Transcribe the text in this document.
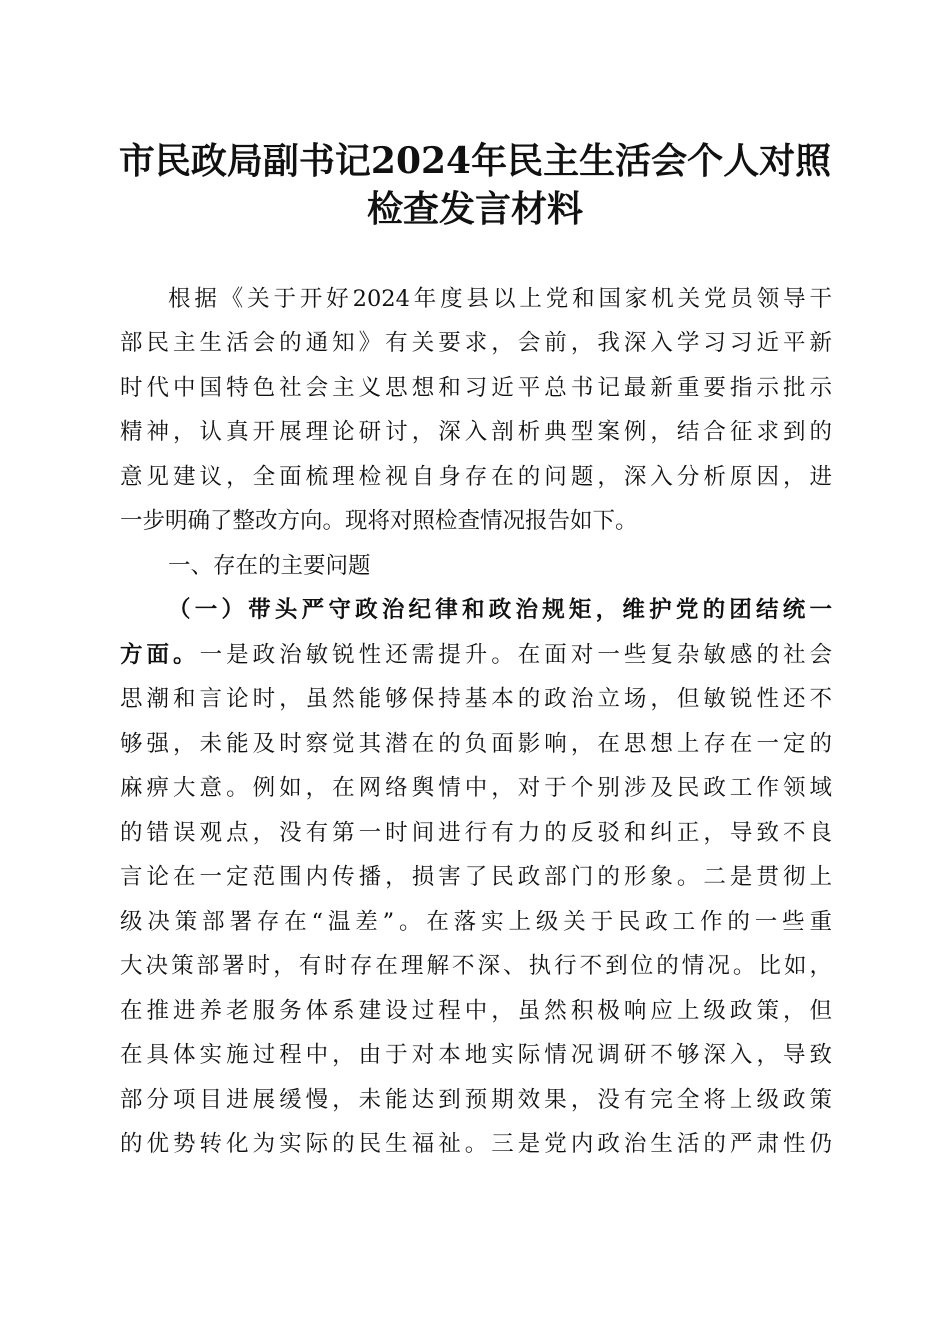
市民政局副书记2024年民主生活会个人对照
检查发言材料
根据《关于开好2024年度县以上党和国家机关党员领导干
部民主生活会的通知》有关要求，会前，我深入学习习近平新
时代中国特色社会主义思想和习近平总书记最新重要指示批示
精神，认真开展理论研讨，深入剖析典型案例，结合征求到的
意见建议，全面梳理检视自身存在的问题，深入分析原因，进
一步明确了整改方向。现将对照检查情况报告如下。
一、存在的主要问题
（一）带头严守政治纪律和政治规矩，维护党的团结统一
方面。一是政治敏锐性还需提升。在面对一些复杂敏感的社会
思潮和言论时，虽然能够保持基本的政治立场，但敏锐性还不
够强，未能及时察觉其潜在的负面影响，在思想上存在一定的
麻痹大意。例如，在网络舆情中，对于个别涉及民政工作领域
的错误观点，没有第一时间进行有力的反驳和纠正，导致不良
言论在一定范围内传播，损害了民政部门的形象。二是贯彻上
级决策部署存在“温差”。在落实上级关于民政工作的一些重
大决策部署时，有时存在理解不深、执行不到位的情况。比如，
在推进养老服务体系建设过程中，虽然积极响应上级政策，但
在具体实施过程中，由于对本地实际情况调研不够深入，导致
部分项目进展缓慢，未能达到预期效果，没有完全将上级政策
的优势转化为实际的民生福祉。三是党内政治生活的严肃性仍
